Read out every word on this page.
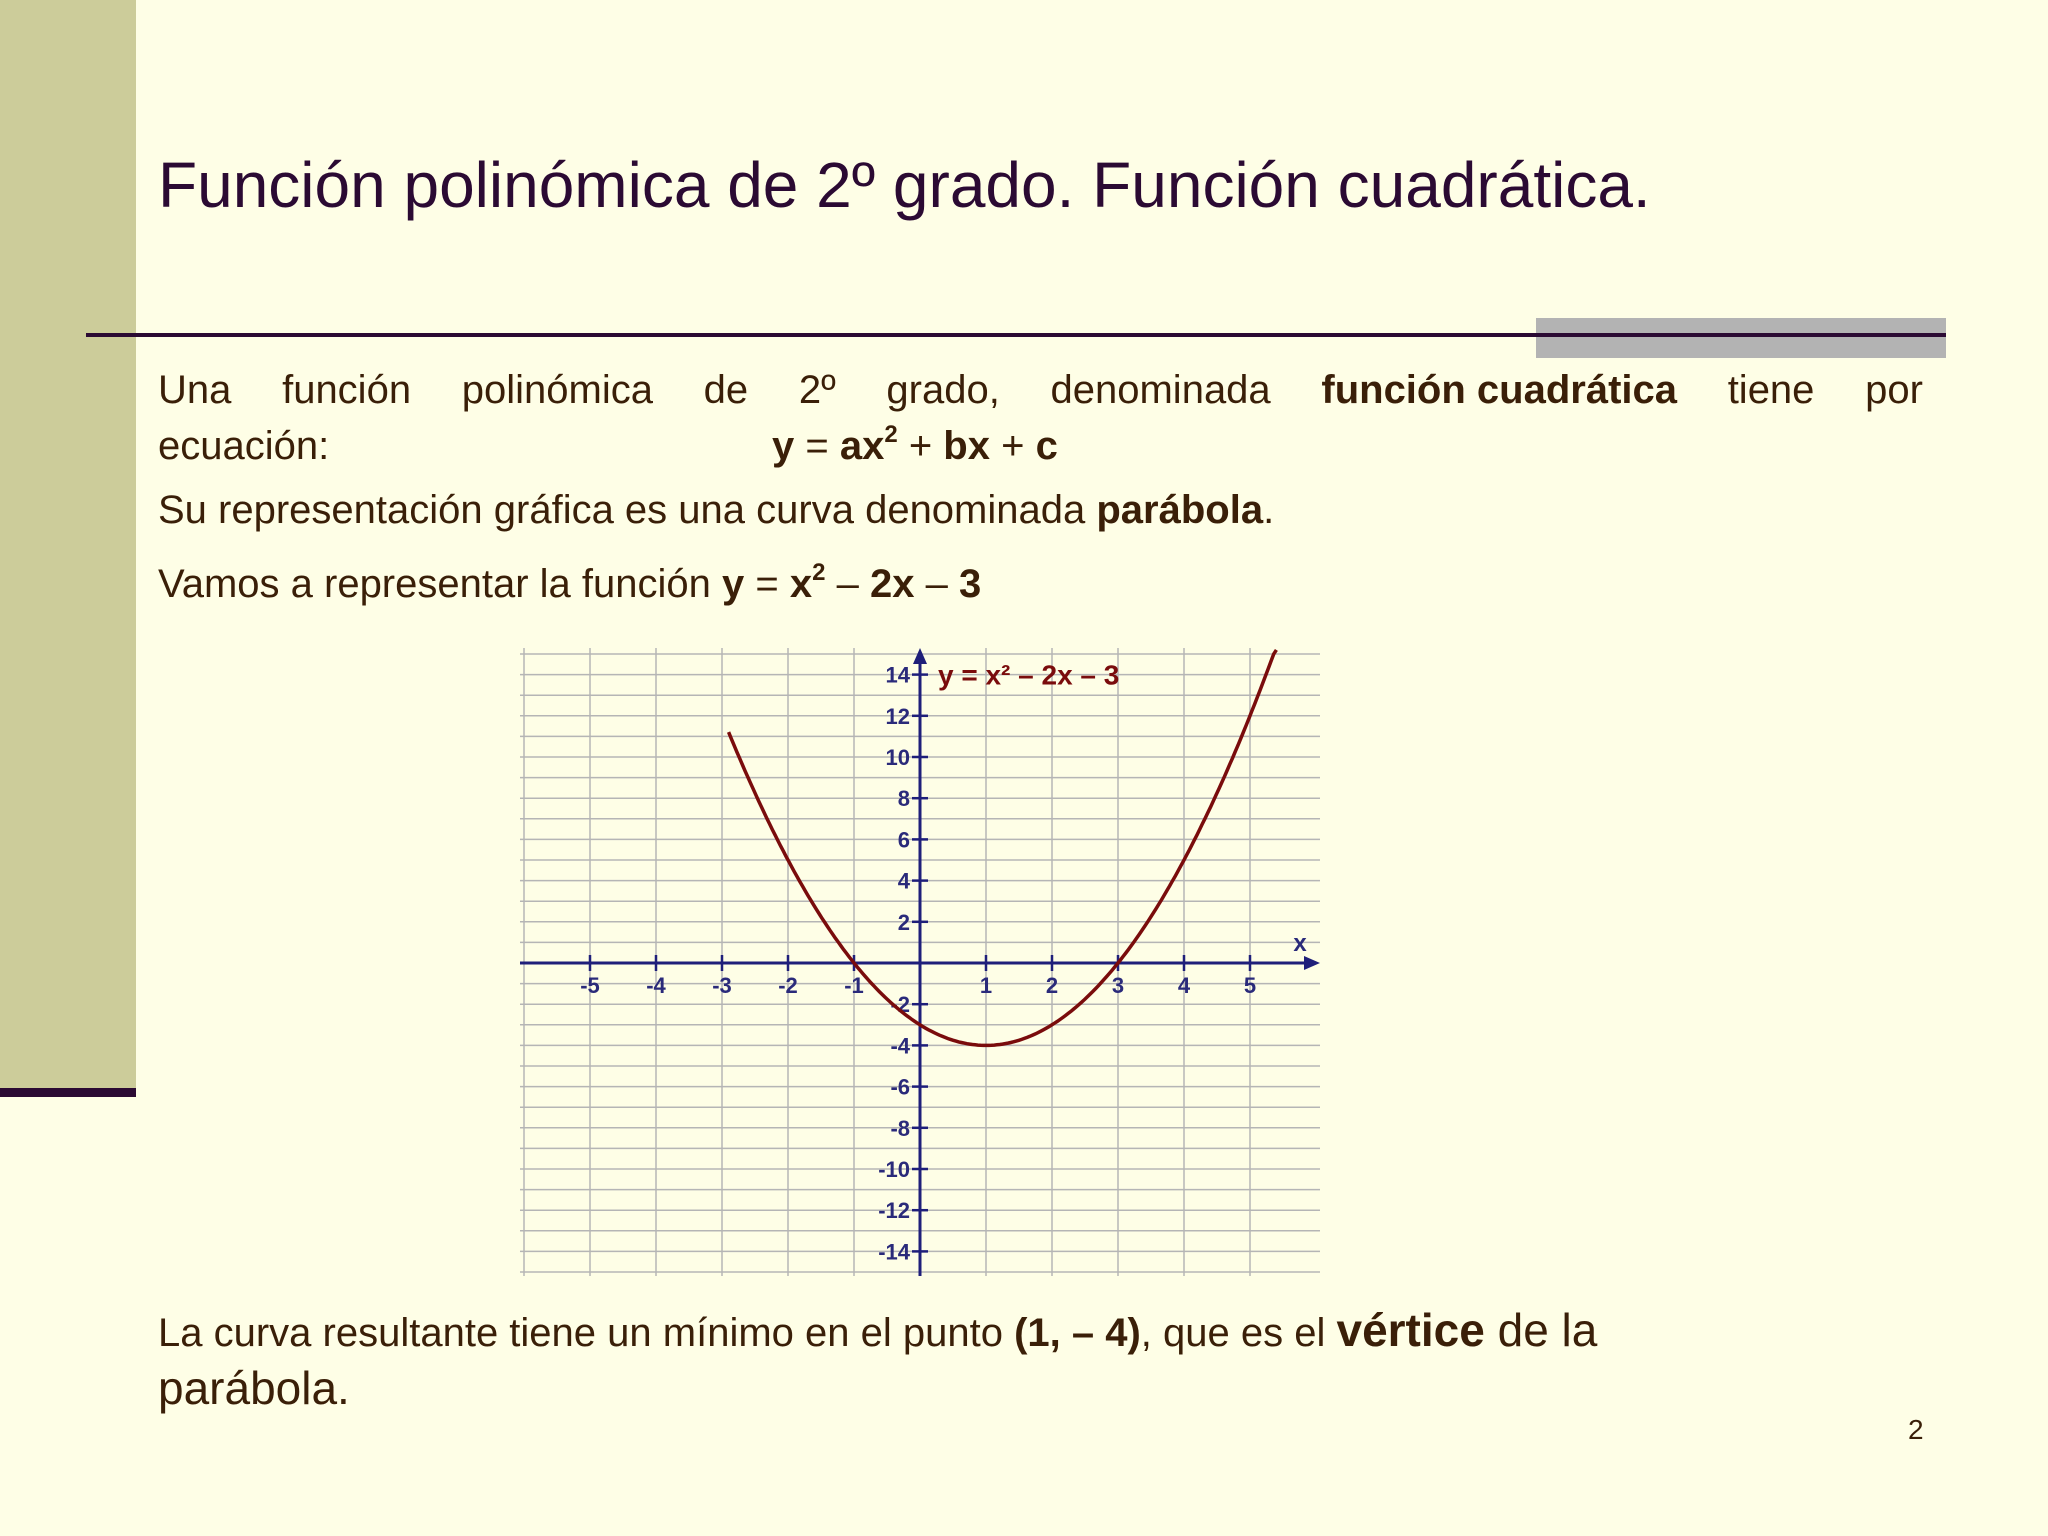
Función polinómica de 2º grado. Función cuadrática.
Una función polinómica de 2º grado, denominada función cuadrática tiene por
ecuación:	$y = ax^2$ + bx + c
Su representación gráfica es una curva denominada parábola.
Vamos a representar la función $y = x^2 - 2x - 3$
x
-5 -4 -3 -2 -1	1 2 3 4 5
14
12
10
8
6
4
2
-2
-4
-6
-8
-10
-12
-14
y = x² – 2x – 3
La curva resultante tiene un mínimo en el punto (1, – 4), que es el vértice de la
parábola.
2
